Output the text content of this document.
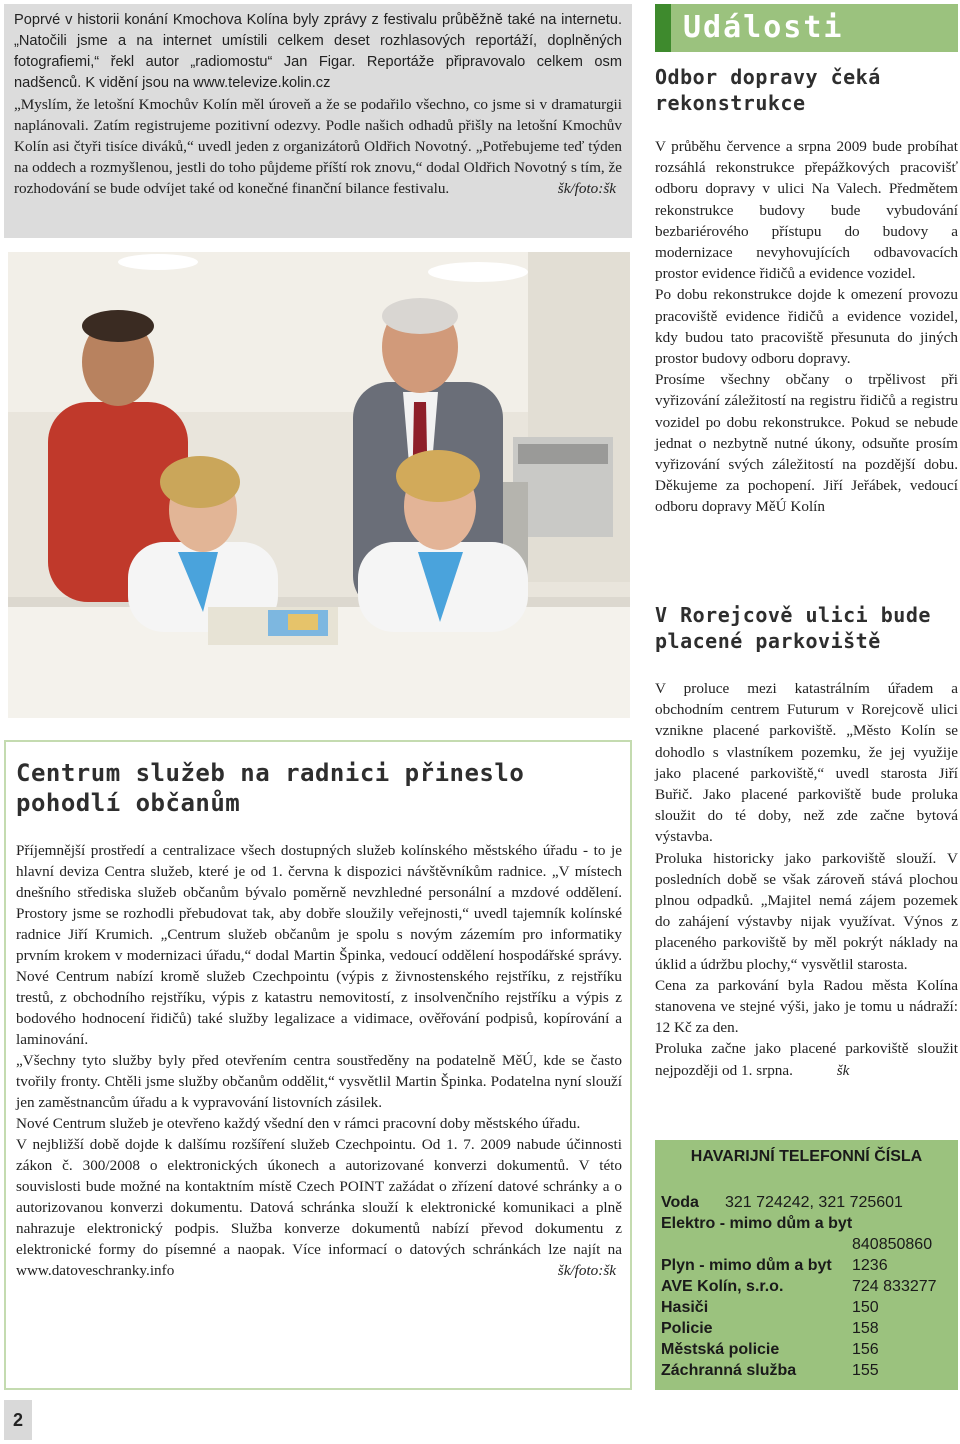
Poprvé v historii konání Kmochova Kolína byly zprávy z festivalu průběžně také na internetu. „Natočili jsme a na internet umístili celkem deset rozhlasových reportáží, doplněných fotografiemi,“ řekl autor „radiomostu“ Jan Figar. Reportáže připravovalo celkem osm nadšenců. K vidění jsou na www.televize.kolin.cz

„Myslím, že letošní Kmochův Kolín měl úroveň a že se podařilo všechno, co jsme si v dramaturgii naplánovali. Zatím registrujeme pozitivní odezvy. Podle našich odhadů přišly na letošní Kmochův Kolín asi čtyři tisíce diváků,“ uvedl jeden z organizátorů Oldřich Novotný. „Potřebujeme teď týden na oddech a rozmyšlenou, jestli do toho půjdeme příští rok znovu,“ dodal Oldřich Novotný s tím, že rozhodování se bude odvíjet také od konečné finanční bilance festivalu.	šk/foto:šk

Centrum služeb na radnici přineslo pohodlí občanům

Příjemnější prostředí a centralizace všech dostupných služeb kolínského městského úřadu - to je hlavní deviza Centra služeb, které je od 1. června k dispozici návštěvníkům radnice. „V místech dnešního střediska služeb občanům bývalo poměrně nevzhledné personální a mzdové oddělení. Prostory jsme se rozhodli přebudovat tak, aby dobře sloužily veřejnosti,“ uvedl tajemník kolínské radnice Jiří Krumich. „Centrum služeb občanům je spolu s novým zázemím pro informatiky prvním krokem v modernizaci úřadu,“ dodal Martin Špinka, vedoucí oddělení hospodářské správy. Nové Centrum nabízí kromě služeb Czechpointu (výpis z živnostenského rejstříku, z rejstříku trestů, z obchodního rejstříku, výpis z katastru nemovitostí, z insolvenčního rejstříku a výpis z bodového hodnocení řidičů) také služby legalizace a vidimace, ověřování podpisů, kopírování a laminování.

„Všechny tyto služby byly před otevřením centra soustředěny na podatelně MěÚ, kde se často tvořily fronty. Chtěli jsme služby občanům oddělit,“ vysvětlil Martin Špinka. Podatelna nyní slouží jen zaměstnancům úřadu a k vypravování listovních zásilek.

Nové Centrum služeb je otevřeno každý všední den v rámci pracovní doby městského úřadu.

V nejbližší době dojde k dalšímu rozšíření služeb Czechpointu. Od 1. 7. 2009 nabude účinnosti zákon č. 300/2008 o elektronických úkonech a autorizované konverzi dokumentů. V této souvislosti bude možné na kontaktním místě Czech POINT zažádat o zřízení datové schránky a o autorizovanou konverzi dokumentu. Datová schránka slouží k elektronické komunikaci a plně nahrazuje elektronický podpis. Služba konverze dokumentů nabízí převod dokumentu z elektronické formy do písemné a naopak. Více informací o datových schránkách lze najít na www.datoveschranky.info	šk/foto:šk

2
Události
Odbor dopravy čeká rekonstrukce

V průběhu července a srpna 2009 bude probíhat rozsáhlá rekonstrukce přepážkových pracovišť odboru dopravy v ulici Na Valech. Předmětem rekonstrukce budovy bude vybudování bezbariérového přístupu do budovy a modernizace nevyhovujících odbavovacích prostor evidence řidičů a evidence vozidel.

Po dobu rekonstrukce dojde k omezení provozu pracoviště evidence řidičů a evidence vozidel, kdy budou tato pracoviště přesunuta do jiných prostor budovy odboru dopravy.

Prosíme všechny občany o trpělivost při vyřizování záležitostí na registru řidičů a registru vozidel po dobu rekonstrukce. Pokud se nebude jednat o nezbytně nutné úkony, odsuňte prosím vyřizování svých záležitostí na pozdější dobu. Děkujeme za pochopení. Jiří Jeřábek, vedoucí odboru dopravy MěÚ Kolín

V Rorejcově ulici bude placené parkoviště

V proluce mezi katastrálním úřadem a obchodním centrem Futurum v Rorejcově ulici vznikne placené parkoviště. „Město Kolín se dohodlo s vlastníkem pozemku, že jej využije jako placené parkoviště,“ uvedl starosta Jiří Buřič. Jako placené parkoviště bude proluka sloužit do té doby, než zde začne bytová výstavba.

Proluka historicky jako parkoviště slouží. V posledních době se však zároveň stává plochou plnou odpadků. „Majitel nemá zájem pozemek do zahájení výstavby nijak využívat. Výnos z placeného parkoviště by měl pokrýt náklady na úklid a údržbu plochy,“ vysvětlil starosta.

Cena za parkování byla Radou města Kolína stanovena ve stejné výši, jako je tomu u nádraží: 12 Kč za den.

Proluka začne jako placené parkoviště sloužit nejpozději od 1. srpna.	šk

HAVARIJNÍ TELEFONNÍ ČÍSLA
Voda	321 724242, 321 725601
Elektro - mimo dům a byt
840850860
Plyn - mimo dům a byt	1236
AVE Kolín, s.r.o.	724 833277
Hasiči	150
Policie	158
Městská policie	156
Záchranná služba	155
